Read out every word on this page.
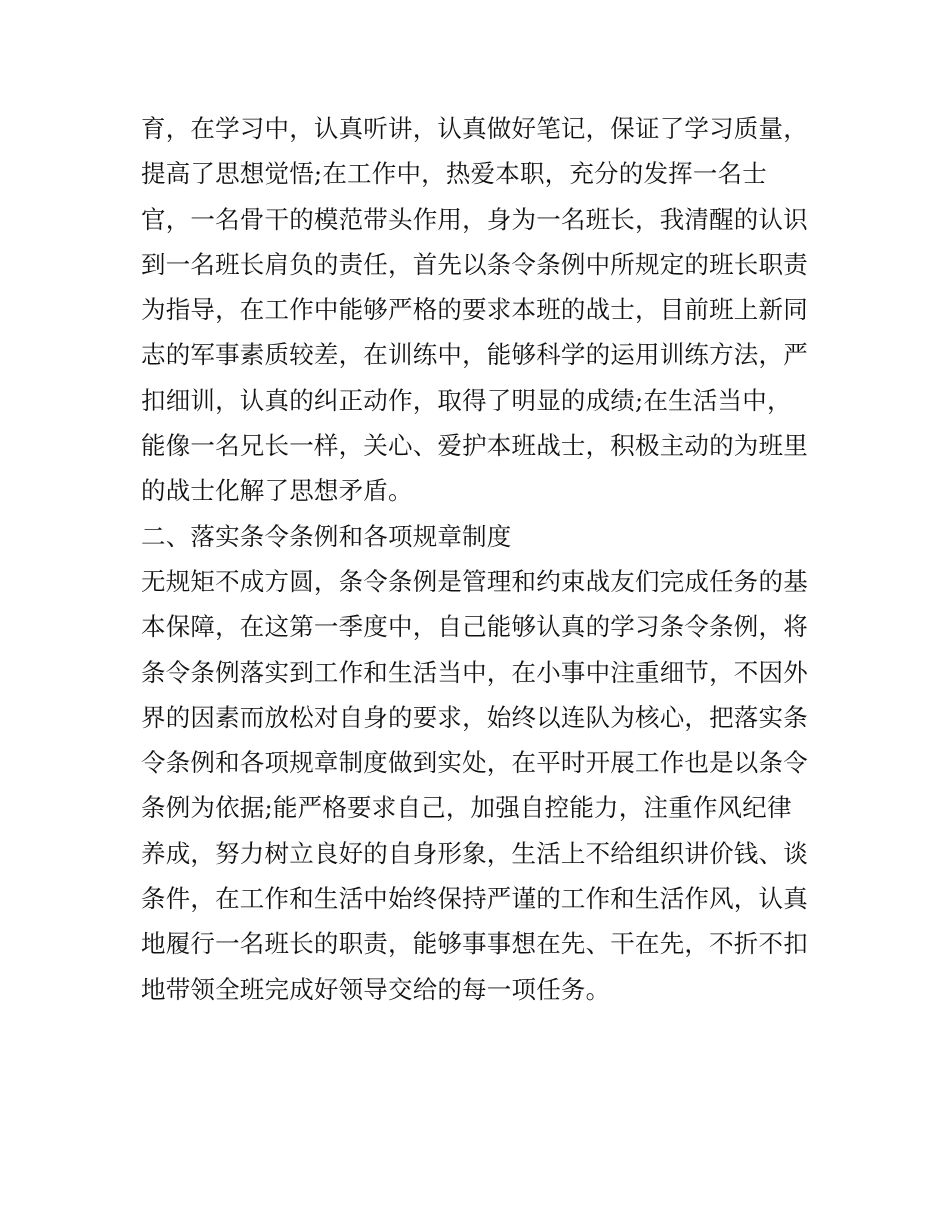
育，在学习中，认真听讲，认真做好笔记，保证了学习质量，
提高了思想觉悟;在工作中，热爱本职，充分的发挥一名士
官，一名骨干的模范带头作用，身为一名班长，我清醒的认识
到一名班长肩负的责任，首先以条令条例中所规定的班长职责
为指导，在工作中能够严格的要求本班的战士，目前班上新同
志的军事素质较差，在训练中，能够科学的运用训练方法，严
扣细训，认真的纠正动作，取得了明显的成绩;在生活当中，
能像一名兄长一样，关心、爱护本班战士，积极主动的为班里
的战士化解了思想矛盾。
二、落实条令条例和各项规章制度
无规矩不成方圆，条令条例是管理和约束战友们完成任务的基
本保障，在这第一季度中，自己能够认真的学习条令条例，将
条令条例落实到工作和生活当中，在小事中注重细节，不因外
界的因素而放松对自身的要求，始终以连队为核心，把落实条
令条例和各项规章制度做到实处，在平时开展工作也是以条令
条例为依据;能严格要求自己，加强自控能力，注重作风纪律
养成，努力树立良好的自身形象，生活上不给组织讲价钱、谈
条件，在工作和生活中始终保持严谨的工作和生活作风，认真
地履行一名班长的职责，能够事事想在先、干在先，不折不扣
地带领全班完成好领导交给的每一项任务。
